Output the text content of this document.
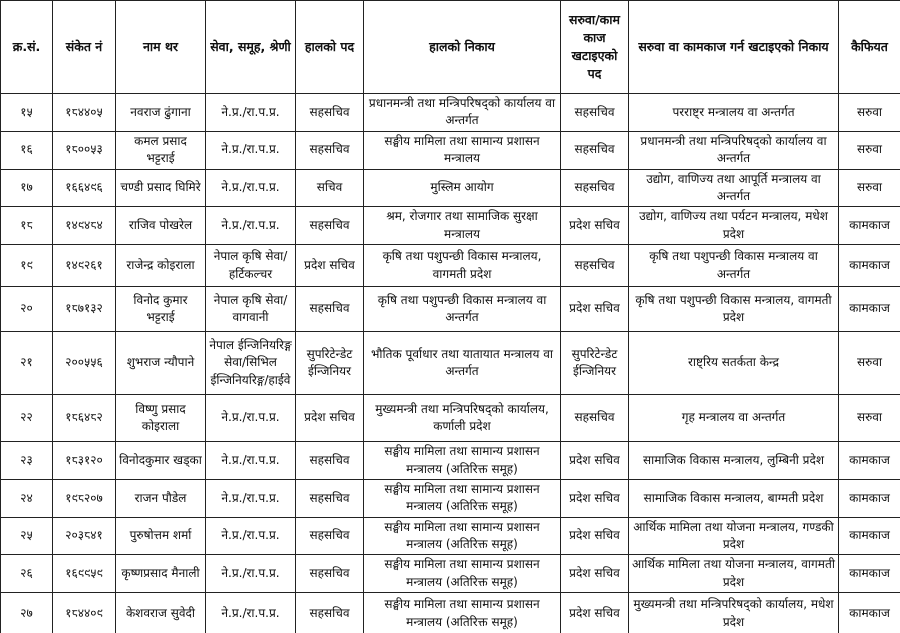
क्र.सं.	संकेत नं	नाम थर	सेवा, समूह, श्रेणी	हालको पद	हालको निकाय	सरुवा/काम काज खटाइएको पद	सरुवा वा कामकाज गर्न खटाइएको निकाय	कैफियत
१५	१८४४०५	नवराज ढुंगाना	ने.प्र./रा.प.प्र.	सहसचिव	प्रधानमन्त्री तथा मन्त्रिपरिषद्को कार्यालय वा अन्तर्गत	सहसचिव	परराष्ट्र मन्त्रालय वा अन्तर्गत	सरुवा
१६	१८००५३	कमल प्रसाद भट्टराई	ने.प्र./रा.प.प्र.	सहसचिव	सङ्घीय मामिला तथा सामान्य प्रशासन मन्त्रालय	सहसचिव	प्रधानमन्त्री तथा मन्त्रिपरिषद्को कार्यालय वा अन्तर्गत	सरुवा
१७	१६६४९६	चण्डी प्रसाद घिमिरे	ने.प्र./रा.प.प्र.	सचिव	मुस्लिम आयोग	सहसचिव	उद्योग, वाणिज्य तथा आपूर्ति मन्त्रालय वा अन्तर्गत	सरुवा
१८	१४९४८४	राजिव पोखरेल	ने.प्र./रा.प.प्र.	सहसचिव	श्रम, रोजगार तथा सामाजिक सुरक्षा मन्त्रालय	प्रदेश सचिव	उद्योग, वाणिज्य तथा पर्यटन मन्त्रालय, मधेश प्रदेश	कामकाज
१९	१४९२६१	राजेन्द्र कोइराला	नेपाल कृषि सेवा/हर्टिकल्चर	प्रदेश सचिव	कृषि तथा पशुपन्छी विकास मन्त्रालय, वागमती प्रदेश	सहसचिव	कृषि तथा पशुपन्छी विकास मन्त्रालय वा अन्तर्गत	कामकाज
२०	१८७१३२	विनोद कुमार भट्टराई	नेपाल कृषि सेवा/वागवानी	सहसचिव	कृषि तथा पशुपन्छी विकास मन्त्रालय वा अन्तर्गत	प्रदेश सचिव	कृषि तथा पशुपन्छी विकास मन्त्रालय, वागमती प्रदेश	कामकाज
२१	२००५५६	शुभराज न्यौपाने	नेपाल ईन्जिनियरिङ्ग सेवा/सिभिल ईन्जिनियरिङ्ग/हाईवे	सुपरिटेन्डेट ईन्जिनियर	भौतिक पूर्वाधार तथा यातायात मन्त्रालय वा अन्तर्गत	सुपरिटेन्डेट ईन्जिनियर	राष्ट्रिय सतर्कता केन्द्र	सरुवा
२२	१८६४८२	विष्णु प्रसाद कोइराला	ने.प्र./रा.प.प्र.	प्रदेश सचिव	मुख्यमन्त्री तथा मन्त्रिपरिषद्को कार्यालय, कर्णाली प्रदेश	सहसचिव	गृह मन्त्रालय वा अन्तर्गत	सरुवा
२३	१८३१२०	विनोदकुमार खड्का	ने.प्र./रा.प.प्र.	सहसचिव	सङ्घीय मामिला तथा सामान्य प्रशासन मन्त्रालय (अतिरिक्त समूह)	प्रदेश सचिव	सामाजिक विकास मन्त्रालय, लुम्बिनी प्रदेश	कामकाज
२४	१९८२०७	राजन पौडेल	ने.प्र./रा.प.प्र.	सहसचिव	सङ्घीय मामिला तथा सामान्य प्रशासन मन्त्रालय (अतिरिक्त समूह)	प्रदेश सचिव	सामाजिक विकास मन्त्रालय, बाग्मती प्रदेश	कामकाज
२५	२०३८४१	पुरुषोत्तम शर्मा	ने.प्र./रा.प.प्र.	सहसचिव	सङ्घीय मामिला तथा सामान्य प्रशासन मन्त्रालय (अतिरिक्त समूह)	प्रदेश सचिव	आर्थिक मामिला तथा योजना मन्त्रालय, गण्डकी प्रदेश	कामकाज
२६	१६९९५९	कृष्णप्रसाद मैनाली	ने.प्र./रा.प.प्र.	सहसचिव	सङ्घीय मामिला तथा सामान्य प्रशासन मन्त्रालय (अतिरिक्त समूह)	प्रदेश सचिव	आर्थिक मामिला तथा योजना मन्त्रालय, वागमती प्रदेश	कामकाज
२७	१८४४०९	केशवराज सुवेदी	ने.प्र./रा.प.प्र.	सहसचिव	सङ्घीय मामिला तथा सामान्य प्रशासन मन्त्रालय (अतिरिक्त समूह)	प्रदेश सचिव	मुख्यमन्त्री तथा मन्त्रिपरिषद्को कार्यालय, मधेश प्रदेश	कामकाज
